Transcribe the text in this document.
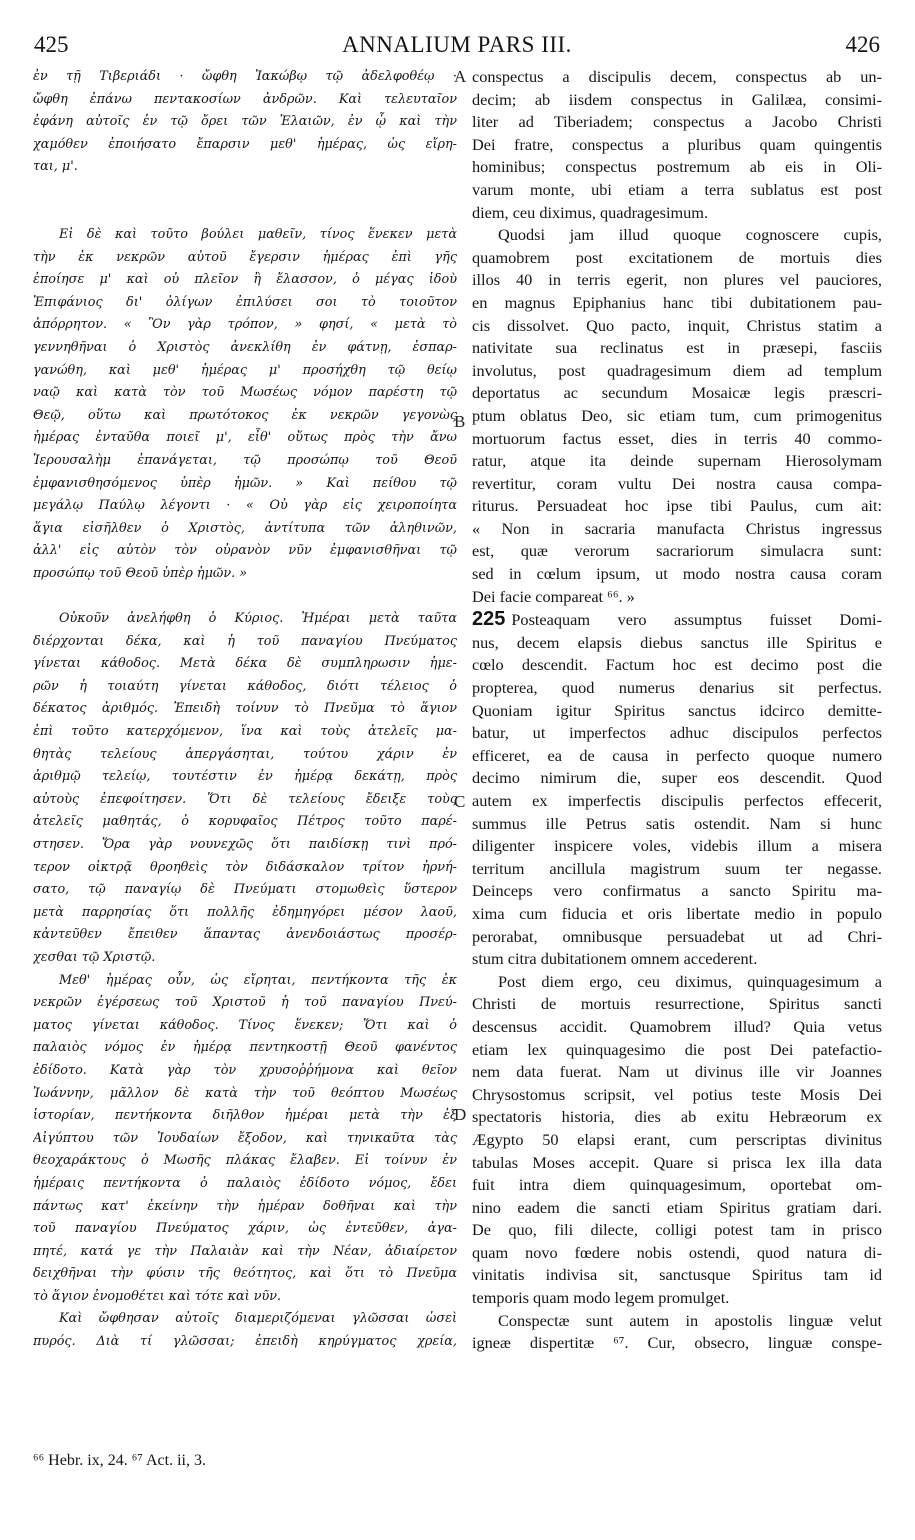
425	ANNALIUM PARS III.	426
A
B
C
D
ἐν τῇ Τιβεριάδι · ὤφθη Ἰακώβῳ τῷ ἀδελφοθέῳ ·
ὤφθη ἐπάνω πεντακοσίων ἀνδρῶν. Καὶ τελευταῖον
ἐφάνη αὐτοῖς ἐν τῷ ὄρει τῶν Ἐλαιῶν, ἐν ᾧ καὶ τὴν
χαμόθεν ἐποιήσατο ἔπαρσιν μεθ' ἡμέρας, ὡς εἴρη-
ται, μ'.
Εἰ δὲ καὶ τοῦτο βούλει μαθεῖν, τίνος ἕνεκεν μετὰ
τὴν ἐκ νεκρῶν αὐτοῦ ἔγερσιν ἡμέρας ἐπὶ γῆς
ἐποίησε μ' καὶ οὐ πλεῖον ἢ ἔλασσον, ὁ μέγας ἰδοὺ
Ἐπιφάνιος δι' ὀλίγων ἐπιλύσει σοι τὸ τοιοῦτον
ἀπόρρητον. « Ὃν γὰρ τρόπον, » φησί, « μετὰ τὸ
γεννηθῆναι ὁ Χριστὸς ἀνεκλίθη ἐν φάτνῃ, ἐσπαρ-
γανώθη, καὶ μεθ' ἡμέρας μ' προσήχθη τῷ θείῳ
ναῷ καὶ κατὰ τὸν τοῦ Μωσέως νόμον παρέστη τῷ
Θεῷ, οὕτω καὶ πρωτότοκος ἐκ νεκρῶν γεγονὼς
ἡμέρας ἐνταῦθα ποιεῖ μ', εἶθ' οὕτως πρὸς τὴν ἄνω
Ἱερουσαλὴμ ἐπανάγεται, τῷ προσώπῳ τοῦ Θεοῦ
ἐμφανισθησόμενος ὑπὲρ ἡμῶν. » Καὶ πείθου τῷ
μεγάλῳ Παύλῳ λέγοντι · « Οὐ γὰρ εἰς χειροποίητα
ἅγια εἰσῆλθεν ὁ Χριστὸς, ἀντίτυπα τῶν ἀληθινῶν,
ἀλλ' εἰς αὐτὸν τὸν οὐρανὸν νῦν ἐμφανισθῆναι τῷ
προσώπῳ τοῦ Θεοῦ ὑπὲρ ἡμῶν. »
Οὐκοῦν ἀνελήφθη ὁ Κύριος. Ἡμέραι μετὰ ταῦτα
διέρχονται δέκα, καὶ ἡ τοῦ παναγίου Πνεύματος
γίνεται κάθοδος. Μετὰ δέκα δὲ συμπληρωσιν ἡμε-
ρῶν ἡ τοιαύτη γίνεται κάθοδος, διότι τέλειος ὁ
δέκατος ἀριθμός. Ἐπειδὴ τοίνυν τὸ Πνεῦμα τὸ ἅγιον
ἐπὶ τοῦτο κατερχόμενον, ἵνα καὶ τοὺς ἀτελεῖς μα-
θητὰς τελείους ἀπεργάσηται, τούτου χάριν ἐν
ἀριθμῷ τελείῳ, τουτέστιν ἐν ἡμέρᾳ δεκάτῃ, πρὸς
αὐτοὺς ἐπεφοίτησεν. Ὅτι δὲ τελείους ἔδειξε τοὺς
ἀτελεῖς μαθητάς, ὁ κορυφαῖος Πέτρος τοῦτο παρέ-
στησεν. Ὅρα γὰρ νουνεχῶς ὅτι παιδίσκῃ τινὶ πρό-
τερον οἰκτρᾷ θροηθεὶς τὸν διδάσκαλον τρίτον ἠρνή-
σατο, τῷ παναγίῳ δὲ Πνεύματι στομωθεὶς ὕστερον
μετὰ παρρησίας ὅτι πολλῆς ἐδημηγόρει μέσον λαοῦ,
κἀντεῦθεν ἔπειθεν ἅπαντας ἀνενδοιάστως προσέρ-
χεσθαι τῷ Χριστῷ.
Μεθ' ἡμέρας οὖν, ὡς εἴρηται, πεντήκοντα τῆς ἐκ
νεκρῶν ἐγέρσεως τοῦ Χριστοῦ ἡ τοῦ παναγίου Πνεύ-
ματος γίνεται κάθοδος. Τίνος ἕνεκεν; Ὅτι καὶ ὁ
παλαιὸς νόμος ἐν ἡμέρᾳ πεντηκοστῇ Θεοῦ φανέντος
ἐδίδοτο. Κατὰ γὰρ τὸν χρυσοῤῥήμονα καὶ θεῖον
Ἰωάννην, μᾶλλον δὲ κατὰ τὴν τοῦ θεόπτου Μωσέως
ἱστορίαν, πεντήκοντα διῆλθον ἡμέραι μετὰ τὴν ἐξ
Αἰγύπτου τῶν Ἰουδαίων ἔξοδον, καὶ τηνικαῦτα τὰς
θεοχαράκτους ὁ Μωσῆς πλάκας ἔλαβεν. Εἰ τοίνυν ἐν
ἡμέραις πεντήκοντα ὁ παλαιὸς ἐδίδοτο νόμος, ἔδει
πάντως κατ' ἐκείνην τὴν ἡμέραν δοθῆναι καὶ τὴν
τοῦ παναγίου Πνεύματος χάριν, ὡς ἐντεῦθεν, ἀγα-
πητέ, κατά γε τὴν Παλαιὰν καὶ τὴν Νέαν, ἀδιαίρετον
δειχθῆναι τὴν φύσιν τῆς θεότητος, καὶ ὅτι τὸ Πνεῦμα
τὸ ἅγιον ἐνομοθέτει καὶ τότε καὶ νῦν.
Καὶ ὤφθησαν αὐτοῖς διαμεριζόμεναι γλῶσσαι ὡσεὶ
πυρός. Διὰ τί γλῶσσαι; ἐπειδὴ κηρύγματος χρεία,
conspectus a discipulis decem, conspectus ab un-
decim; ab iisdem conspectus in Galilæa, consimi-
liter ad Tiberiadem; conspectus a Jacobo Christi
Dei fratre, conspectus a pluribus quam quingentis
hominibus; conspectus postremum ab eis in Oli-
varum monte, ubi etiam a terra sublatus est post
diem, ceu diximus, quadragesimum.
Quodsi jam illud quoque cognoscere cupis,
quamobrem post excitationem de mortuis dies
illos 40 in terris egerit, non plures vel pauciores,
en magnus Epiphanius hanc tibi dubitationem pau-
cis dissolvet. Quo pacto, inquit, Christus statim a
nativitate sua reclinatus est in præsepi, fasciis
involutus, post quadragesimum diem ad templum
deportatus ac secundum Mosaicæ legis præscri-
ptum oblatus Deo, sic etiam tum, cum primogenitus
mortuorum factus esset, dies in terris 40 commo-
ratur, atque ita deinde supernam Hierosolymam
revertitur, coram vultu Dei nostra causa compa-
riturus. Persuadeat hoc ipse tibi Paulus, cum ait:
« Non in sacraria manufacta Christus ingressus
est, quæ verorum sacrariorum simulacra sunt:
sed in cœlum ipsum, ut modo nostra causa coram
Dei facie compareat ⁶⁶. »
225 Posteaquam vero assumptus fuisset Domi-
nus, decem elapsis diebus sanctus ille Spiritus e
cœlo descendit. Factum hoc est decimo post die
propterea, quod numerus denarius sit perfectus.
Quoniam igitur Spiritus sanctus idcirco demitte-
batur, ut imperfectos adhuc discipulos perfectos
efficeret, ea de causa in perfecto quoque numero
decimo nimirum die, super eos descendit. Quod
autem ex imperfectis discipulis perfectos effecerit,
summus ille Petrus satis ostendit. Nam si hunc
diligenter inspicere voles, videbis illum a misera
territum ancillula magistrum suum ter negasse.
Deinceps vero confirmatus a sancto Spiritu ma-
xima cum fiducia et oris libertate medio in populo
perorabat, omnibusque persuadebat ut ad Chri-
stum citra dubitationem omnem accederent.
Post diem ergo, ceu diximus, quinquagesimum a
Christi de mortuis resurrectione, Spiritus sancti
descensus accidit. Quamobrem illud? Quia vetus
etiam lex quinquagesimo die post Dei patefactio-
nem data fuerat. Nam ut divinus ille vir Joannes
Chrysostomus scripsit, vel potius teste Mosis Dei
spectatoris historia, dies ab exitu Hebræorum ex
Ægypto 50 elapsi erant, cum perscriptas divinitus
tabulas Moses accepit. Quare si prisca lex illa data
fuit intra diem quinquagesimum, oportebat om-
nino eadem die sancti etiam Spiritus gratiam dari.
De quo, fili dilecte, colligi potest tam in prisco
quam novo fœdere nobis ostendi, quod natura di-
vinitatis indivisa sit, sanctusque Spiritus tam id
temporis quam modo legem promulget.
Conspectæ sunt autem in apostolis linguæ velut
igneæ dispertitæ ⁶⁷. Cur, obsecro, linguæ conspe-
⁶⁶ Hebr. ix, 24. ⁶⁷ Act. ii, 3.
